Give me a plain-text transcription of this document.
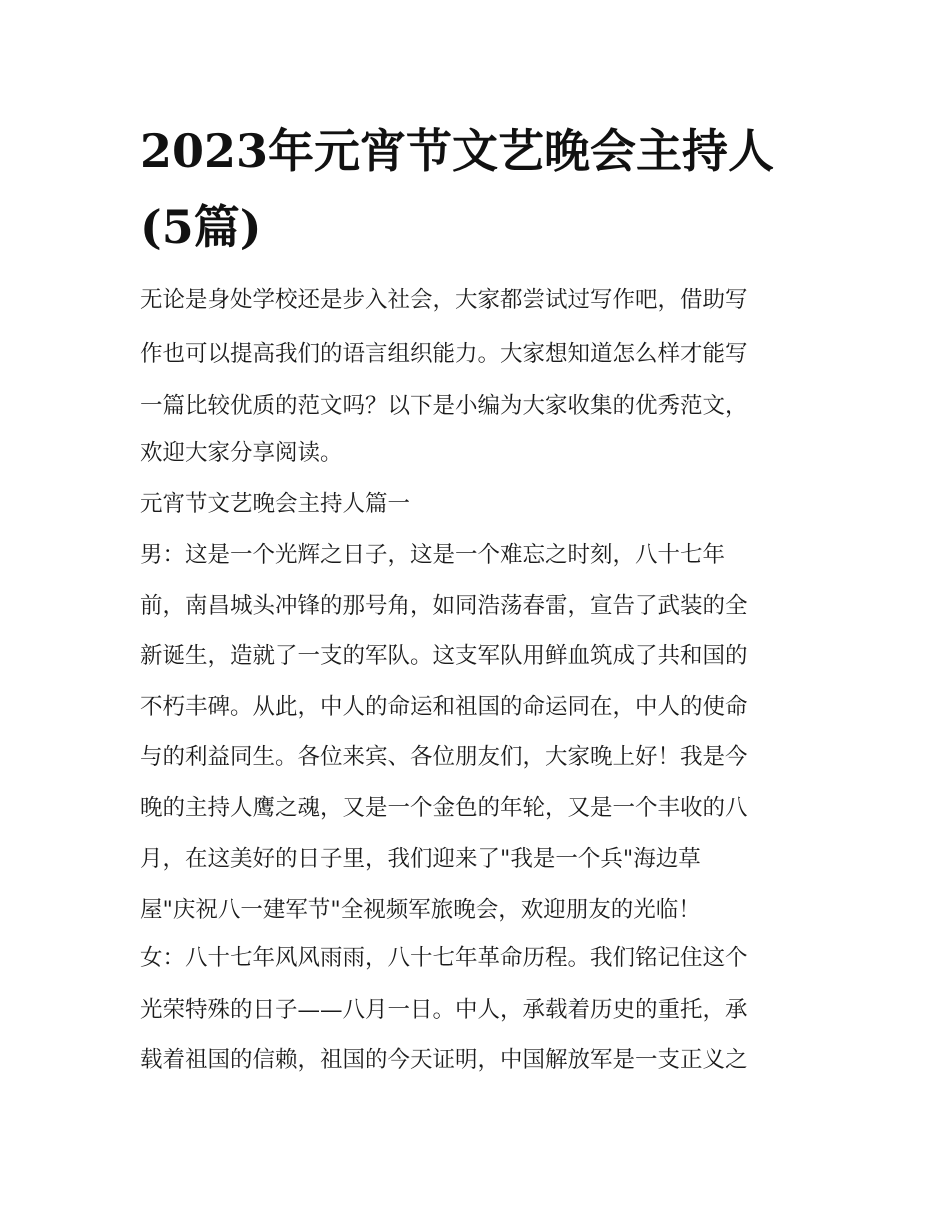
2023年元宵节文艺晚会主持人
(5篇)

无论是身处学校还是步入社会，大家都尝试过写作吧，借助写

作也可以提高我们的语言组织能力。大家想知道怎么样才能写

一篇比较优质的范文吗？以下是小编为大家收集的优秀范文，

欢迎大家分享阅读。

元宵节文艺晚会主持人篇一

男：这是一个光辉之日子，这是一个难忘之时刻，八十七年

前，南昌城头冲锋的那号角，如同浩荡春雷，宣告了武装的全

新诞生，造就了一支的军队。这支军队用鲜血筑成了共和国的

不朽丰碑。从此，中人的命运和祖国的命运同在，中人的使命

与的利益同生。各位来宾、各位朋友们，大家晚上好！我是今

晚的主持人鹰之魂，又是一个金色的年轮，又是一个丰收的八

月，在这美好的日子里，我们迎来了"我是一个兵"海边草

屋"庆祝八一建军节"全视频军旅晚会，欢迎朋友的光临！

女：八十七年风风雨雨，八十七年革命历程。我们铭记住这个

光荣特殊的日子——八月一日。中人，承载着历史的重托，承

载着祖国的信赖，祖国的今天证明，中国解放军是一支正义之
